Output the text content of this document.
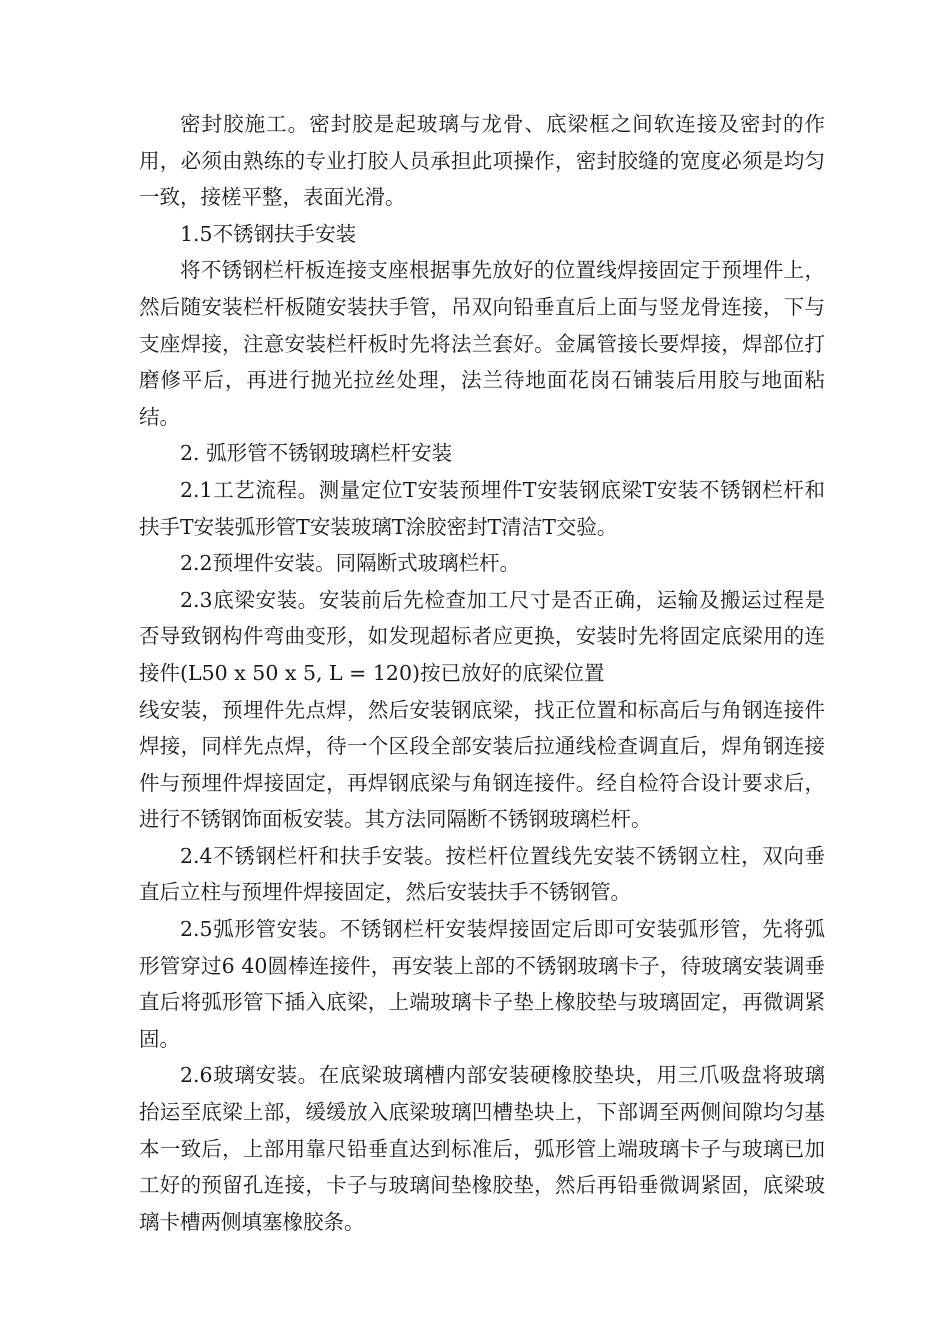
密封胶施工。密封胶是起玻璃与龙骨、底梁框之间软连接及密封的作用，必须由熟练的专业打胶人员承担此项操作，密封胶缝的宽度必须是均匀一致，接槎平整，表面光滑。

1.5不锈钢扶手安装

将不锈钢栏杆板连接支座根据事先放好的位置线焊接固定于预埋件上，然后随安装栏杆板随安装扶手管，吊双向铅垂直后上面与竖龙骨连接，下与支座焊接，注意安装栏杆板时先将法兰套好。金属管接长要焊接，焊部位打磨修平后，再进行抛光拉丝处理，法兰待地面花岗石铺装后用胶与地面粘结。

2. 弧形管不锈钢玻璃栏杆安装

2.1工艺流程。测量定位T安装预埋件T安装钢底梁T安装不锈钢栏杆和扶手T安装弧形管T安装玻璃T涂胶密封T清洁T交验。

2.2预埋件安装。同隔断式玻璃栏杆。

2.3底梁安装。安装前后先检查加工尺寸是否正确，运输及搬运过程是否导致钢构件弯曲变形，如发现超标者应更换，安装时先将固定底梁用的连接件(L50 x 50 x 5, L = 120)按已放好的底梁位置

线安装，预埋件先点焊，然后安装钢底梁，找正位置和标高后与角钢连接件焊接，同样先点焊，待一个区段全部安装后拉通线检查调直后，焊角钢连接件与预埋件焊接固定，再焊钢底梁与角钢连接件。经自检符合设计要求后，进行不锈钢饰面板安装。其方法同隔断不锈钢玻璃栏杆。

2.4不锈钢栏杆和扶手安装。按栏杆位置线先安装不锈钢立柱，双向垂直后立柱与预埋件焊接固定，然后安装扶手不锈钢管。

2.5弧形管安装。不锈钢栏杆安装焊接固定后即可安装弧形管，先将弧形管穿过6 40圆棒连接件，再安装上部的不锈钢玻璃卡子，待玻璃安装调垂直后将弧形管下插入底梁，上端玻璃卡子垫上橡胶垫与玻璃固定，再微调紧固。

2.6玻璃安装。在底梁玻璃槽内部安装硬橡胶垫块，用三爪吸盘将玻璃抬运至底梁上部，缓缓放入底梁玻璃凹槽垫块上，下部调至两侧间隙均匀基本一致后，上部用靠尺铅垂直达到标准后，弧形管上端玻璃卡子与玻璃已加工好的预留孔连接，卡子与玻璃间垫橡胶垫，然后再铅垂微调紧固，底梁玻璃卡槽两侧填塞橡胶条。
